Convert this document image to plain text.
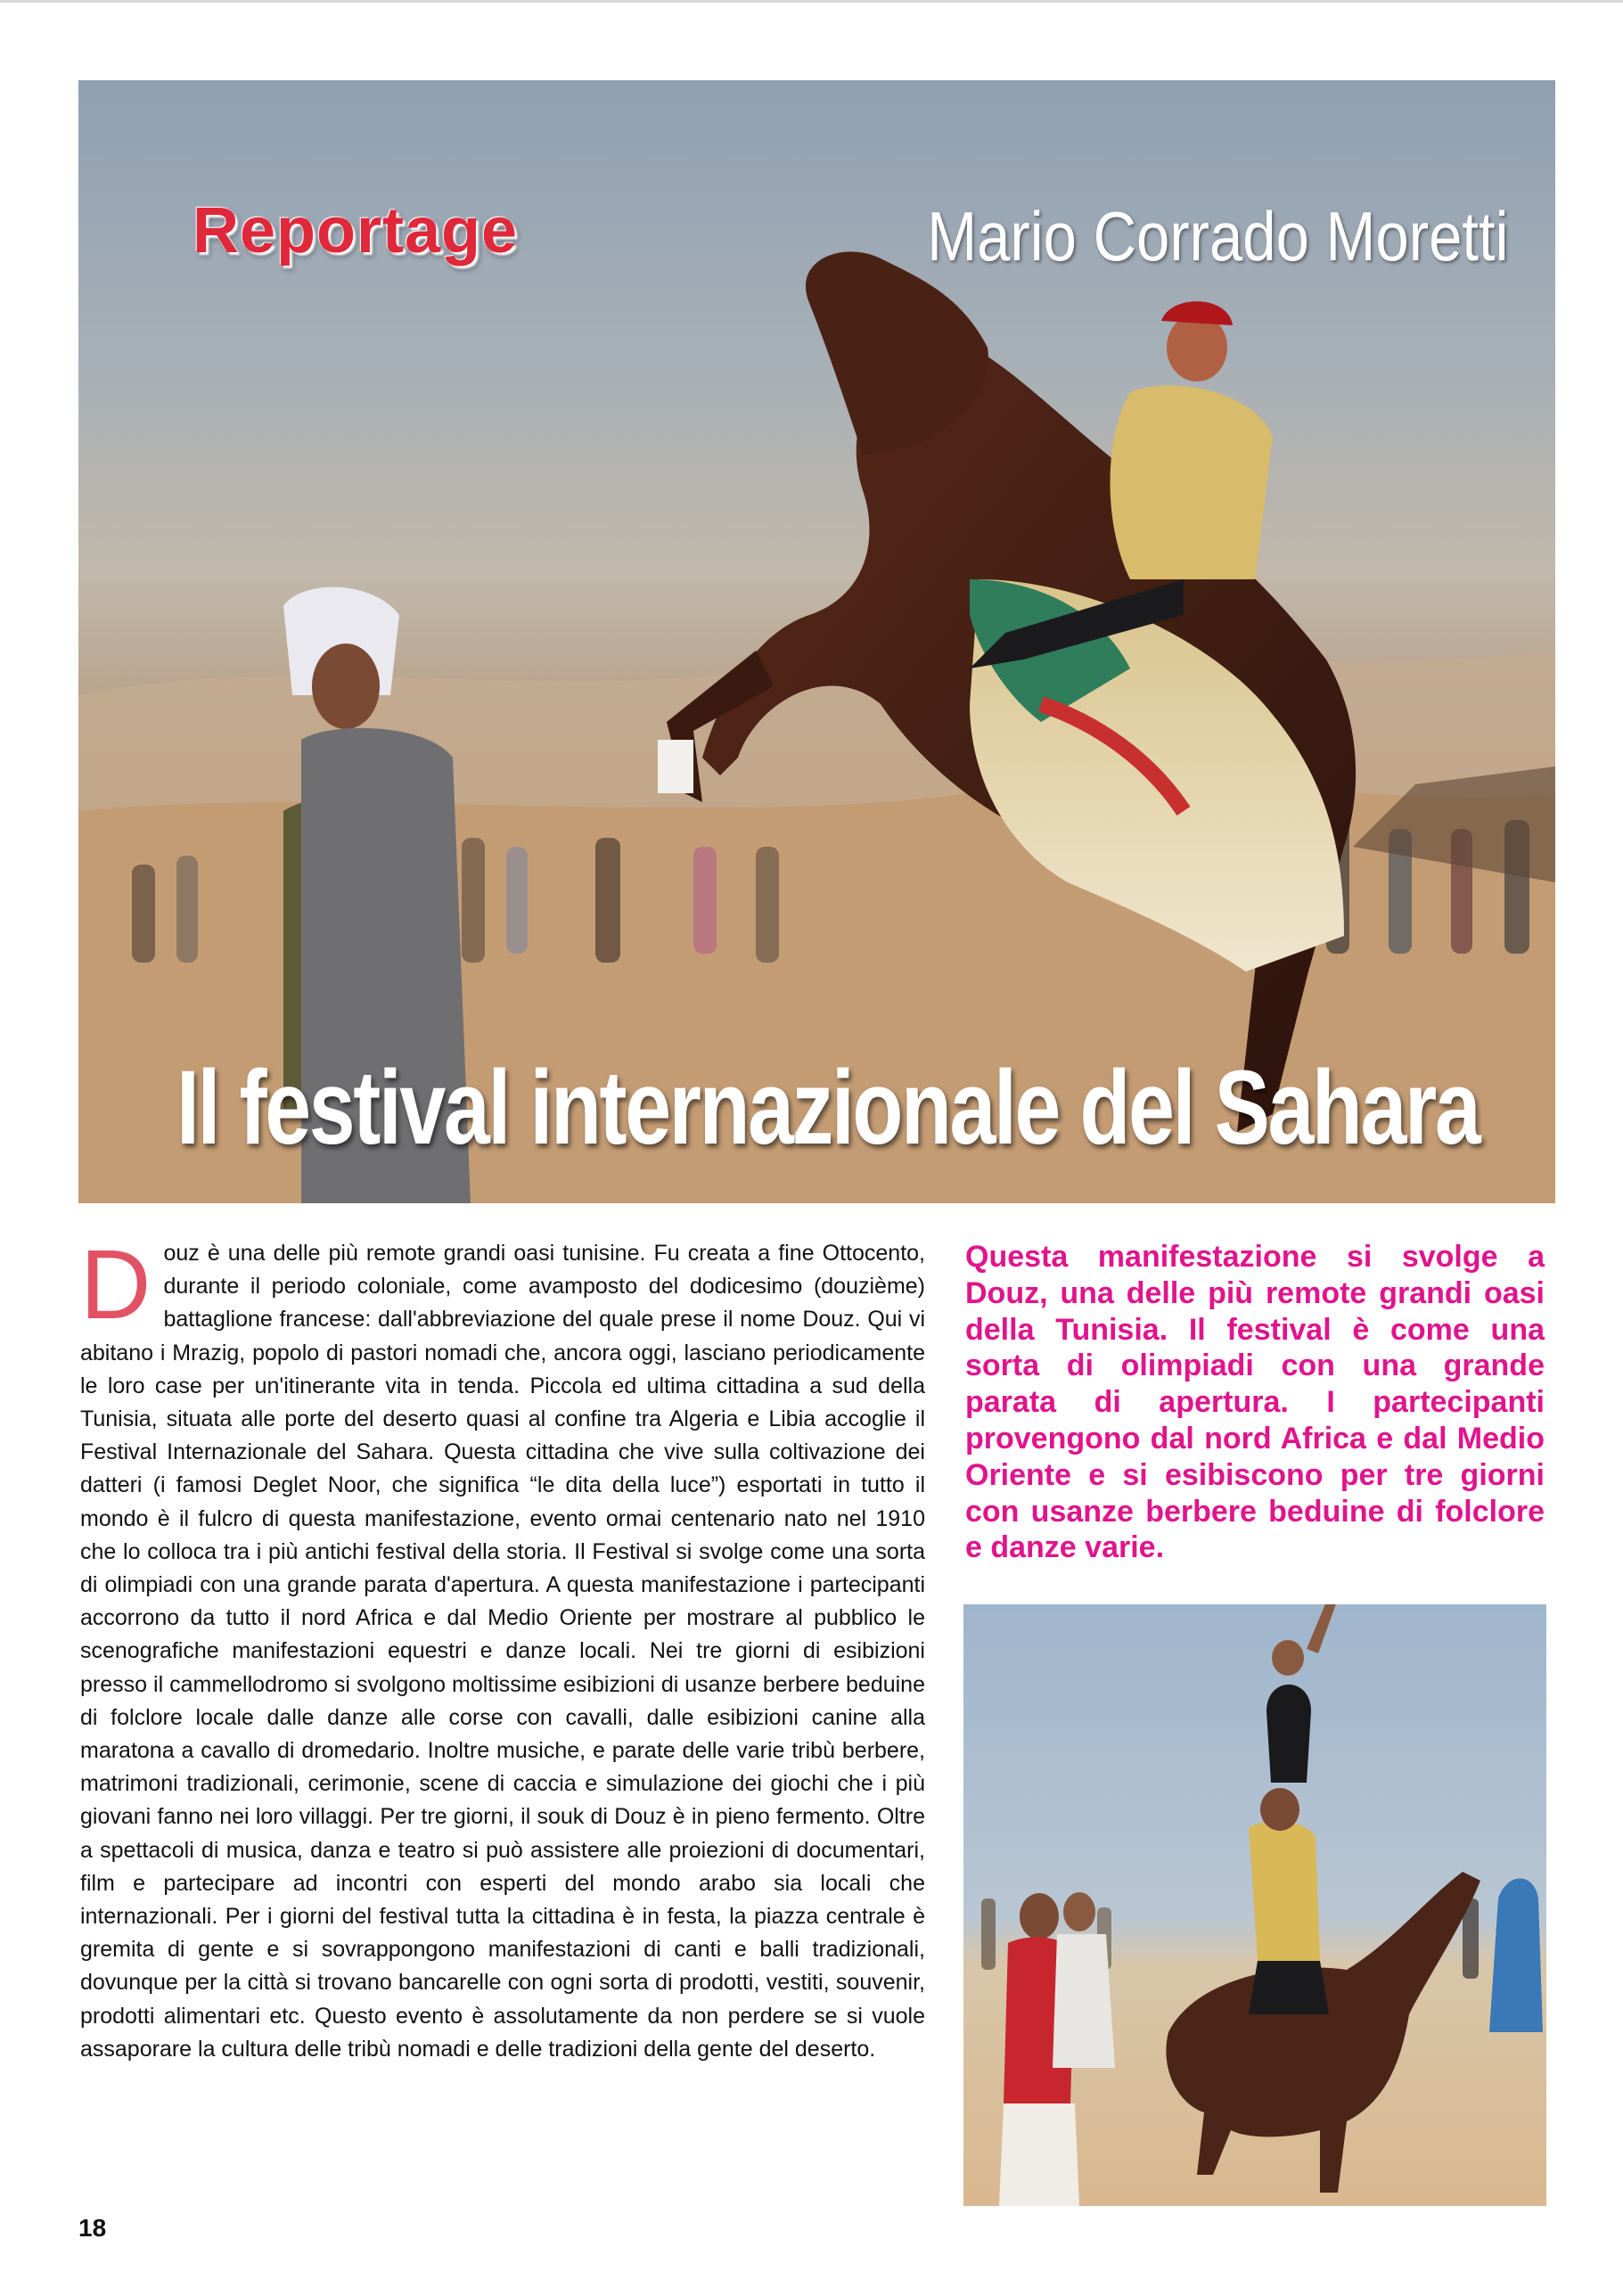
Reportage	Mario Corrado Moretti
Il festival internazionale del Sahara

Douz è una delle più remote grandi oasi tunisine. Fu creata a fine Ottocento, durante il periodo coloniale, come avamposto del dodicesimo (douzième) battaglione francese: dall'abbreviazione del quale prese il nome Douz. Qui vi abitano i Mrazig, popolo di pastori nomadi che, ancora oggi, lasciano periodicamente le loro case per un'itinerante vita in tenda. Piccola ed ultima cittadina a sud della Tunisia, situata alle porte del deserto quasi al confine tra Algeria e Libia accoglie il Festival Internazionale del Sahara. Questa cittadina che vive sulla coltivazione dei datteri (i famosi Deglet Noor, che significa “le dita della luce”) esportati in tutto il mondo è il fulcro di questa manifestazione, evento ormai centenario nato nel 1910 che lo colloca tra i più antichi festival della storia. Il Festival si svolge come una sorta di olimpiadi con una grande parata d'apertura. A questa manifestazione i partecipanti accorrono da tutto il nord Africa e dal Medio Oriente per mostrare al pubblico le scenografiche manifestazioni equestri e danze locali. Nei tre giorni di esibizioni presso il cammellodromo si svolgono moltissime esibizioni di usanze berbere beduine di folclore locale dalle danze alle corse con cavalli, dalle esibizioni canine alla maratona a cavallo di dromedario. Inoltre musiche, e parate delle varie tribù berbere, matrimoni tradizionali, cerimonie, scene di caccia e simulazione dei giochi che i più giovani fanno nei loro villaggi. Per tre giorni, il souk di Douz è in pieno fermento. Oltre a spettacoli di musica, danza e teatro si può assistere alle proiezioni di documentari, film e partecipare ad incontri con esperti del mondo arabo sia locali che internazionali. Per i giorni del festival tutta la cittadina è in festa, la piazza centrale è gremita di gente e si sovrappongono manifestazioni di canti e balli tradizionali, dovunque per la città si trovano bancarelle con ogni sorta di prodotti, vestiti, souvenir, prodotti alimentari etc. Questo evento è assolutamente da non perdere se si vuole assaporare la cultura delle tribù nomadi e delle tradizioni della gente del deserto.

Questa manifestazione si svolge a Douz, una delle più remote grandi oasi della Tunisia. Il festival è come una sorta di olimpiadi con una grande parata di apertura. I partecipanti provengono dal nord Africa e dal Medio Oriente e si esibiscono per tre giorni con usanze berbere beduine di folclore e danze varie.

18
